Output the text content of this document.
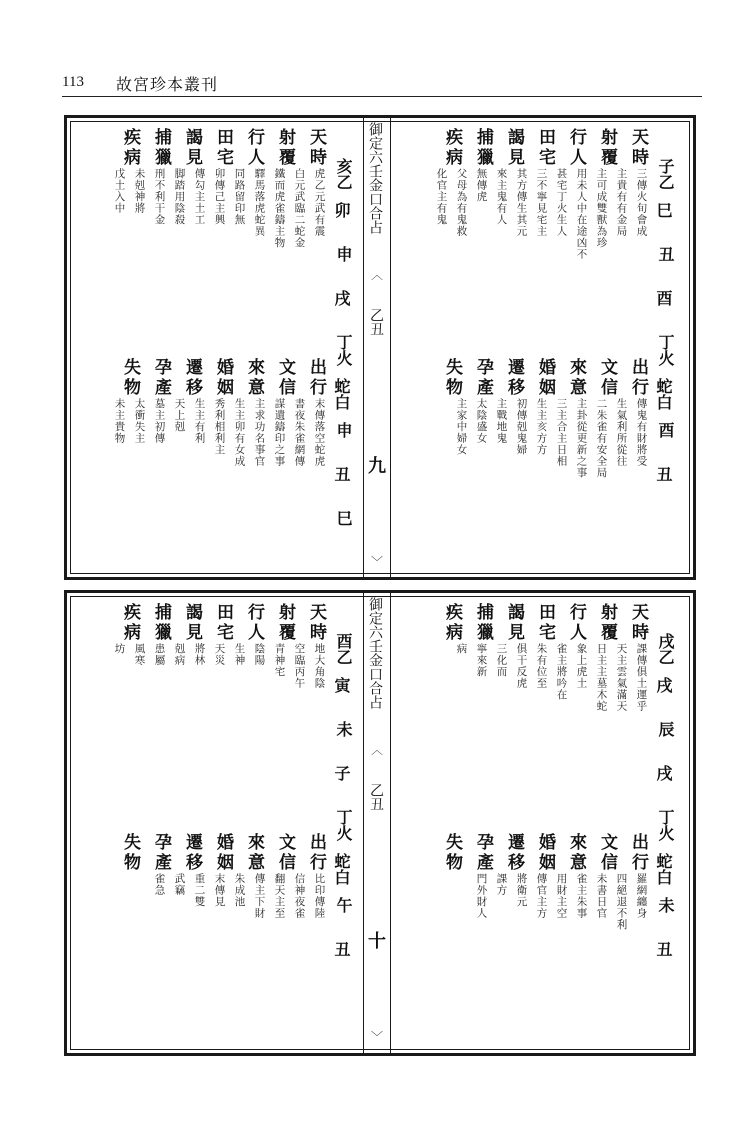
113 故宮珍本叢刊
御定六壬金口合占
︿
乙丑
九
﹀
天時
射覆
行人
田宅
謁見
捕獵
疾病
虎乙元武有震
白元武臨二蛇金
鐵而虎雀鑄主物
驛馬落虎蛇異
同路留印無
卯傳己主興
傳勾主土工
脚踏用陰殺
刑不利干金
未剋神將
戊土入中
出行
文信
來意
婚姻
遷移
孕產
失物
末傳落空蛇虎
書夜朱雀網傳
謀遺鑄印之事
主求功名事官
生主卯有女成
秀利相利主
生主有利
天上剋
墓主初傳
太衝失主
未主貴物
亥乙
卯
申
戌
丁火
蛇白
申
丑
巳
天時
射覆
行人
田宅
謁見
捕獵
疾病
三傳火旬會成
主貴有有金局
主可成雙獸為珍
用未人中在途凶不
甚宅丁火生人
三不寧見宅主
其方傳生其元
來主鬼有人
無傳虎
父母為有鬼救
化官主有鬼
出行
文信
來意
婚姻
遷移
孕產
失物
傳鬼有財將受
生氣利所從往
二朱雀有安全局
主卦從更新之事
三主合主日相
生主亥方方
初傳剋鬼婦
主戰地鬼
太陰盛女
主家中婦女
子乙
巳
丑
酉
丁火
蛇白
酉
丑
御定六壬金口合占
︿
乙丑
十
﹀
天時
射覆
行人
田宅
謁見
捕獵
疾病
地大角陰
空臨丙午
青神宅
陰陽
生神
天災
將林
剋病
患屬
風寒
坊
出行
文信
來意
婚姻
遷移
孕產
失物
比印傳陸
信神夜雀
翻天主至
傳主下財
朱成池
末傳見
重二雙
武竊
雀急
酉乙
寅
未
子
丁火
蛇白
午
丑
天時
射覆
行人
田宅
謁見
捕獵
疾病
課傳俱土運乎
天主雲氣滿天
日主主墓木蛇
象上虎土
雀主將吟在
朱有位至
俱干反虎
三化而
寧來新
病
出行
文信
來意
婚姻
遷移
孕產
失物
羅網纏身
四絕退不利
未書日官
雀主朱事
用財主空
傳官主方
將衛元
課方
門外財人
戌乙
戌
辰
戌
丁火
蛇白
未
丑
